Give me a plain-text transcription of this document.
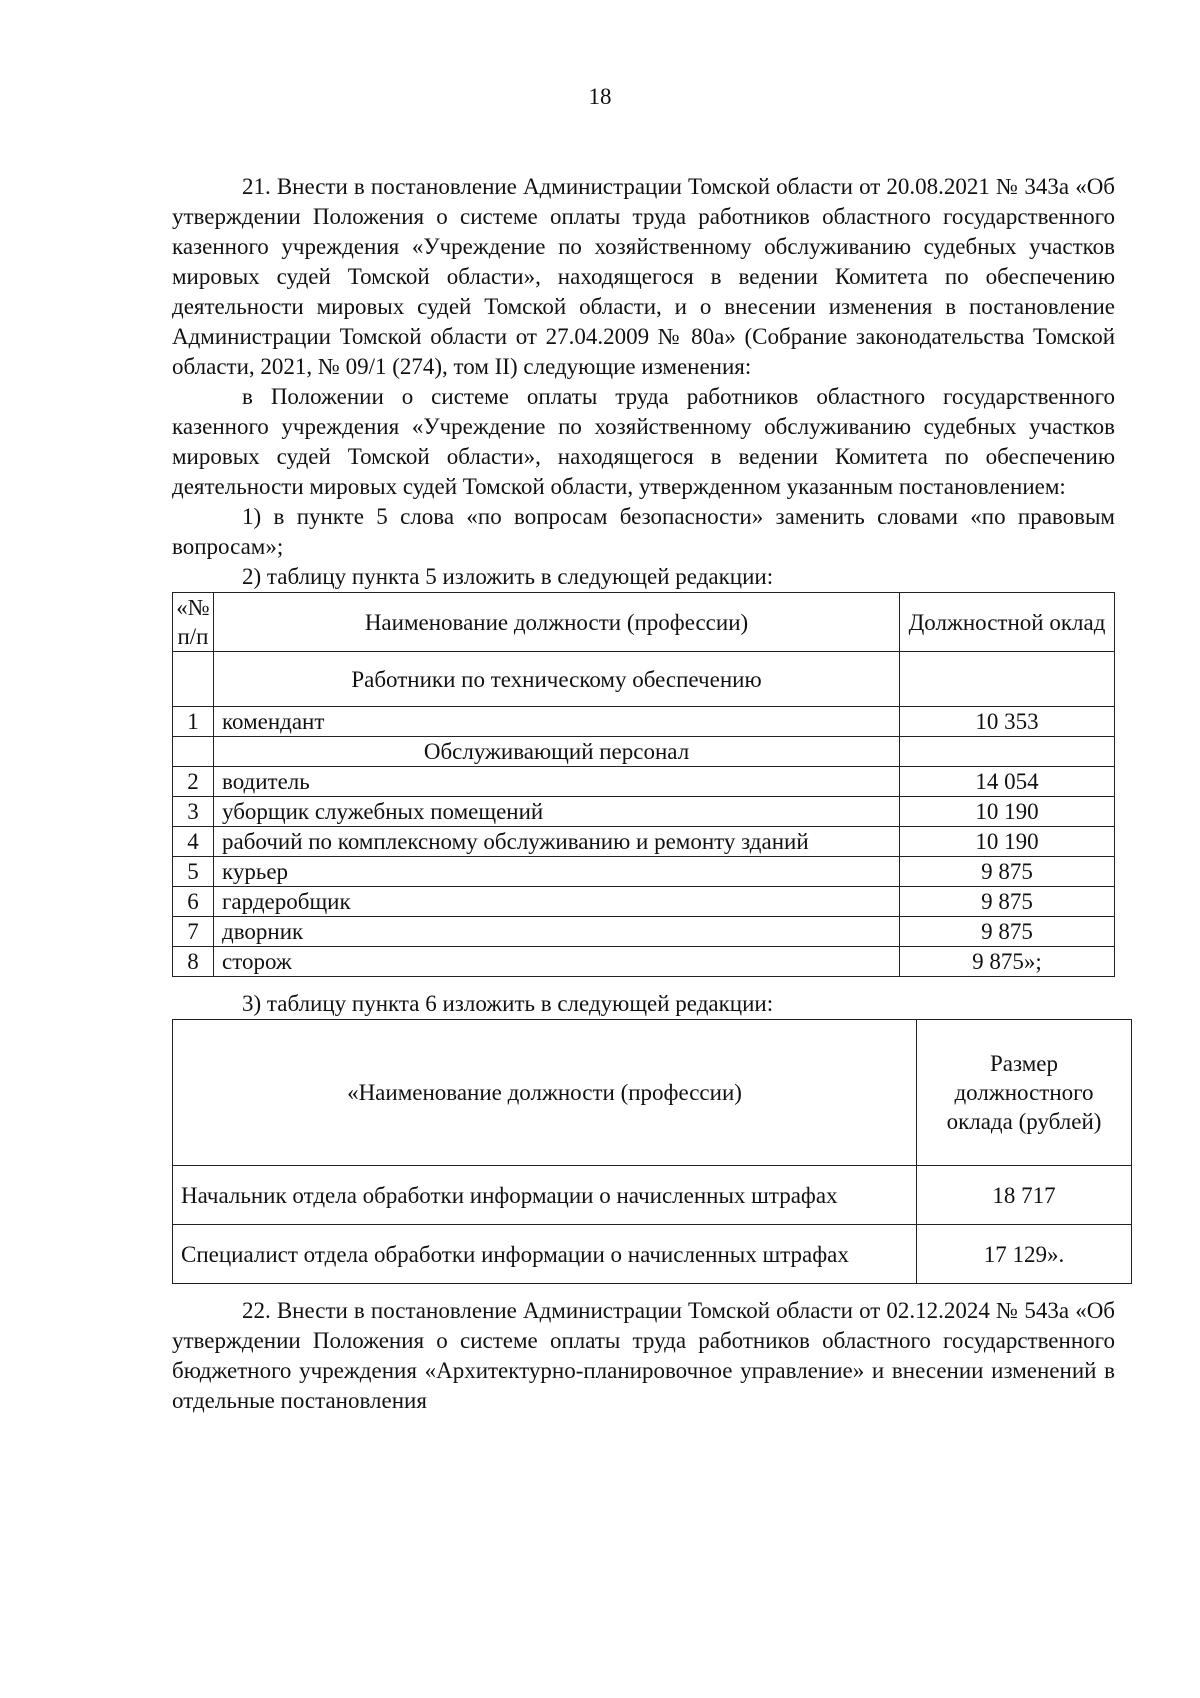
18

21. Внести в постановление Администрации Томской области от 20.08.2021 № 343а «Об утверждении Положения о системе оплаты труда работников областного государственного казенного учреждения «Учреждение по хозяйственному обслуживанию судебных участков мировых судей Томской области», находящегося в ведении Комитета по обеспечению деятельности мировых судей Томской области, и о внесении изменения в постановление Администрации Томской области от 27.04.2009 № 80а» (Собрание законодательства Томской области, 2021, № 09/1 (274), том II) следующие изменения:

в Положении о системе оплаты труда работников областного государственного казенного учреждения «Учреждение по хозяйственному обслуживанию судебных участков мировых судей Томской области», находящегося в ведении Комитета по обеспечению деятельности мировых судей Томской области, утвержденном указанным постановлением:

1) в пункте 5 слова «по вопросам безопасности» заменить словами «по правовым вопросам»;

2) таблицу пункта 5 изложить в следующей редакции:

«№ п/п	Наименование должности (профессии)	Должностной оклад
	Работники по техническому обеспечению	
1	комендант	10 353
	Обслуживающий персонал	
2	водитель	14 054
3	уборщик служебных помещений	10 190
4	рабочий по комплексному обслуживанию и ремонту зданий	10 190
5	курьер	9 875
6	гардеробщик	9 875
7	дворник	9 875
8	сторож	9 875»;

3) таблицу пункта 6 изложить в следующей редакции:

«Наименование должности (профессии)	Размер должностного оклада (рублей)
Начальник отдела обработки информации о начисленных штрафах	18 717
Специалист отдела обработки информации о начисленных штрафах	17 129».

22. Внести в постановление Администрации Томской области от 02.12.2024 № 543а «Об утверждении Положения о системе оплаты труда работников областного государственного бюджетного учреждения «Архитектурно-планировочное управление» и внесении изменений в отдельные постановления
